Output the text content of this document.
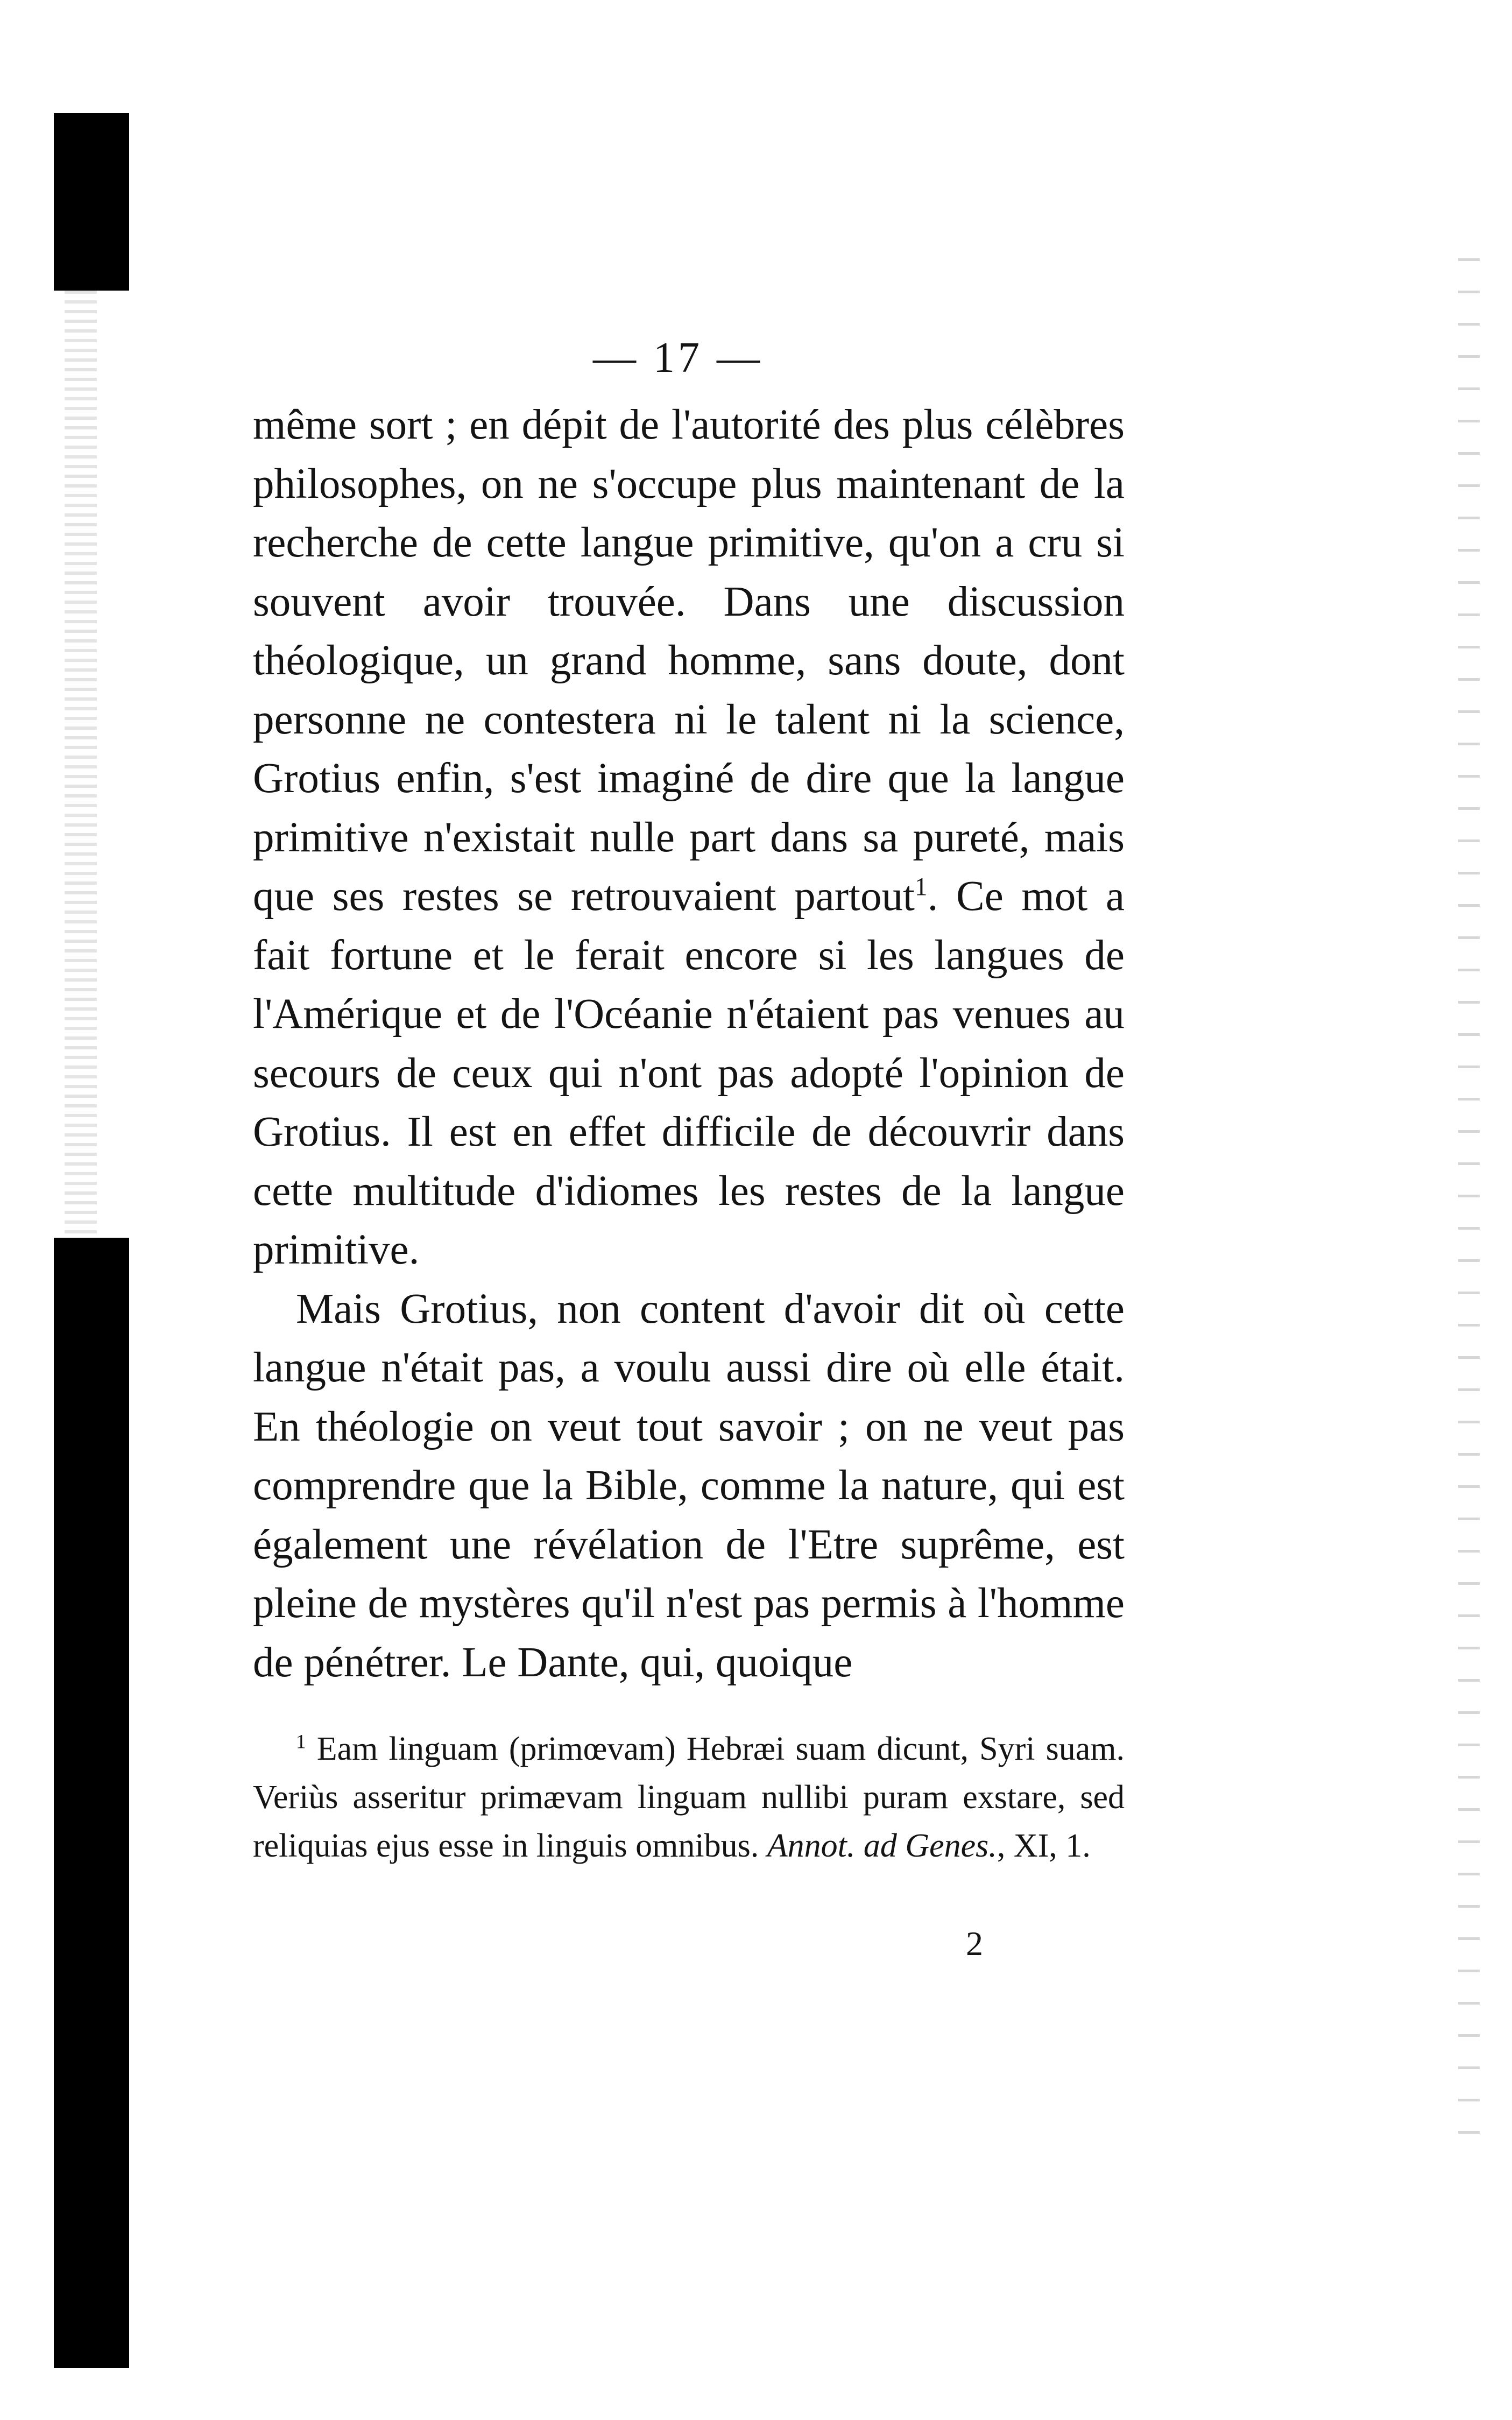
— 17 —

même sort ; en dépit de l'autorité des plus célèbres philosophes, on ne s'occupe plus maintenant de la recherche de cette langue primitive, qu'on a cru si souvent avoir trouvée. Dans une discussion théologique, un grand homme, sans doute, dont personne ne contestera ni le talent ni la science, Grotius enfin, s'est imaginé de dire que la langue primitive n'existait nulle part dans sa pureté, mais que ses restes se retrouvaient partout$^1$. Ce mot a fait fortune et le ferait encore si les langues de l'Amérique et de l'Océanie n'étaient pas venues au secours de ceux qui n'ont pas adopté l'opinion de Grotius. Il est en effet difficile de découvrir dans cette multitude d'idiomes les restes de la langue primitive.

Mais Grotius, non content d'avoir dit où cette langue n'était pas, a voulu aussi dire où elle était. En théologie on veut tout savoir ; on ne veut pas comprendre que la Bible, comme la nature, qui est également une révélation de l'Etre suprême, est pleine de mystères qu'il n'est pas permis à l'homme de pénétrer. Le Dante, qui, quoique

$^1$ Eam linguam (primœvam) Hebræi suam dicunt, Syri suam. Veriùs asseritur primævam linguam nullibi puram exstare, sed reliquias ejus esse in linguis omnibus. Annot. ad Genes., XI, 1.

2
